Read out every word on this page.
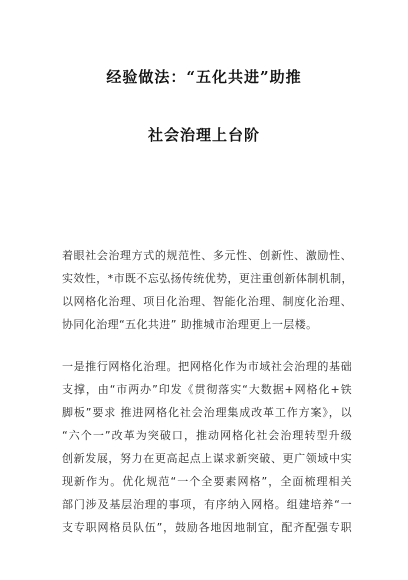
经验做法：“五化共进”助推
社会治理上台阶
着眼社会治理方式的规范性、多元性、创新性、激励性、
实效性，*市既不忘弘扬传统优势，更注重创新体制机制，
以网格化治理、项目化治理、智能化治理、制度化治理、
协同化治理“五化共进” 助推城市治理更上一层楼。
一是推行网格化治理。把网格化作为市域社会治理的基础
支撑，由“市两办”印发《贯彻落实“大数据+网格化+铁
脚板”要求 推进网格化社会治理集成改革工作方案》，以
“六个一”改革为突破口，推动网格化社会治理转型升级
创新发展，努力在更高起点上谋求新突破、更广领域中实
现新作为。优化规范“一个全要素网格”，全面梳理相关
部门涉及基层治理的事项，有序纳入网格。组建培养“一
支专职网格员队伍”，鼓励各地因地制宜，配齐配强专职
